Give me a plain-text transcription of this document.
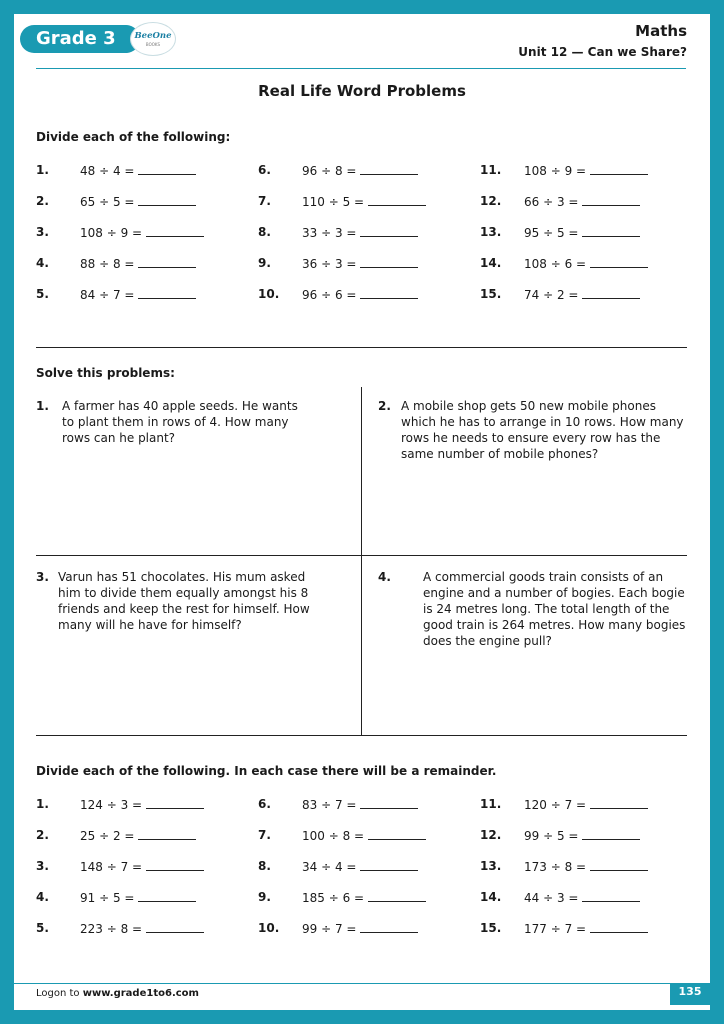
Grade 3	BeeOne
BOOKS
Maths
Unit 12 — Can we Share?
Real Life Word Problems
Divide each of the following:
1.	48 ÷ 4 =
2.	65 ÷ 5 =
3.	108 ÷ 9 =
4.	88 ÷ 8 =
5.	84 ÷ 7 =
6.	96 ÷ 8 =
7.	110 ÷ 5 =
8.	33 ÷ 3 =
9.	36 ÷ 3 =
10. 96 ÷ 6 =
11. 108 ÷ 9 =
12. 66 ÷ 3 =
13. 95 ÷ 5 =
14. 108 ÷ 6 =
15. 74 ÷ 2 =
Solve this problems:
1. A farmer has 40 apple seeds. He wants to plant them in rows of 4. How many rows can he plant?
2. A mobile shop gets 50 new mobile phones which he has to arrange in 10 rows. How many rows he needs to ensure every row has the same number of mobile phones?
3. Varun has 51 chocolates. His mum asked him to divide them equally amongst his 8 friends and keep the rest for himself. How many will he have for himself?
4.	A commercial goods train consists of an engine and a number of bogies. Each bogie is 24 metres long. The total length of the good train is 264 metres. How many bogies does the engine pull?
Divide each of the following. In each case there will be a remainder.
1.	124 ÷ 3 =
2.	25 ÷ 2 =
3.	148 ÷ 7 =
4.	91 ÷ 5 =
5.	223 ÷ 8 =
6.	83 ÷ 7 =
7.	100 ÷ 8 =
8.	34 ÷ 4 =
9.	185 ÷ 6 =
10. 99 ÷ 7 =
11. 120 ÷ 7 =
12. 99 ÷ 5 =
13. 173 ÷ 8 =
14. 44 ÷ 3 =
15. 177 ÷ 7 =
Logon to www.grade1to6.com	135
